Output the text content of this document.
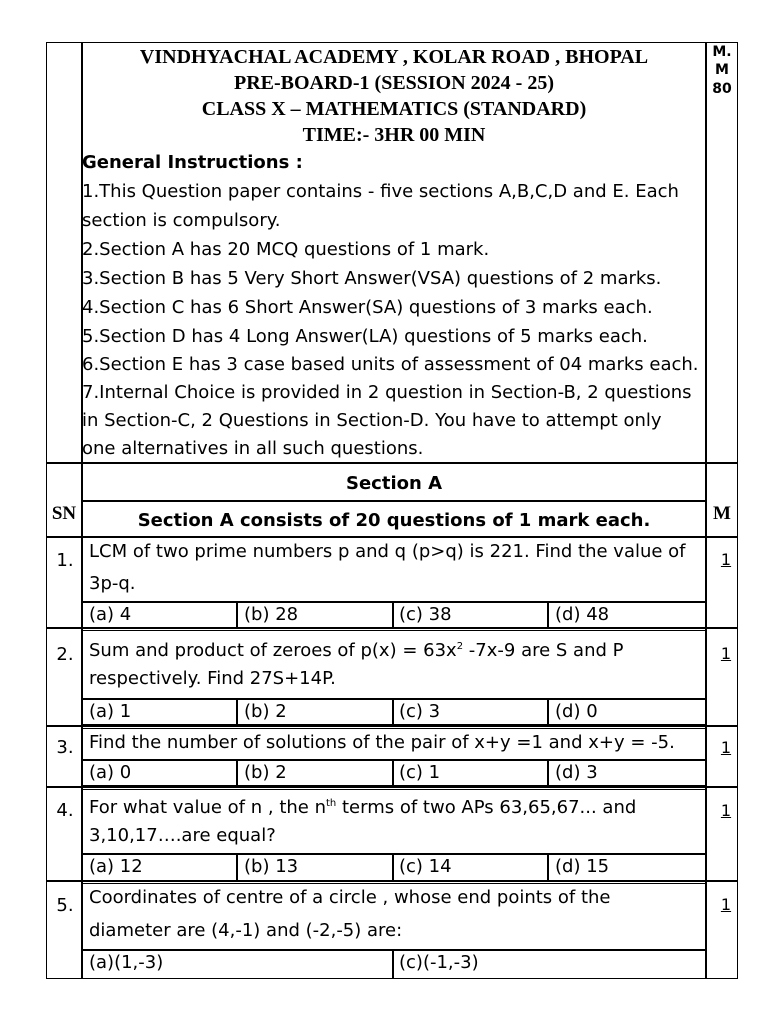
VINDHYACHAL ACADEMY , KOLAR ROAD , BHOPAL
PRE-BOARD-1 (SESSION 2024 - 25)
CLASS X – MATHEMATICS (STANDARD)
TIME:- 3HR 00 MIN
M.
M
80
General Instructions :
1.This Question paper contains - five sections A,B,C,D and E. Each
section is compulsory.
2.Section A has 20 MCQ questions of 1 mark.
3.Section B has 5 Very Short Answer(VSA) questions of 2 marks.
4.Section C has 6 Short Answer(SA) questions of 3 marks each.
5.Section D has 4 Long Answer(LA) questions of 5 marks each.
6.Section E has 3 case based units of assessment of 04 marks each.
7.Internal Choice is provided in 2 question in Section-B, 2 questions
in Section-C, 2 Questions in Section-D. You have to attempt only
one alternatives in all such questions.
Section A
SN	Section A consists of 20 questions of 1 mark each.	M
1. LCM of two prime numbers p and q (p>q) is 221. Find the value of
3p-q.
1
(a) 4	(b) 28	(c) 38	(d) 48
2. Sum and product of zeroes of $p(x) = 63x^2$ -7x-9 are S and P
respectively. Find 27S+14P.
1
(a) 1	(b) 2	(c) 3	(d) 0
3. Find the number of solutions of the pair of x+y =1 and x+y = -5.	1
(a) 0	(b) 2	(c) 1	(d) 3
4. For what value of n , the $n^{th}$ terms of two APs 63,65,67... and
3,10,17….are equal?
1
(a) 12	(b) 13	(c) 14	(d) 15
5. Coordinates of centre of a circle , whose end points of the
diameter are (4,-1) and (-2,-5) are:
1
(a)(1,-3)	(c)(-1,-3)
